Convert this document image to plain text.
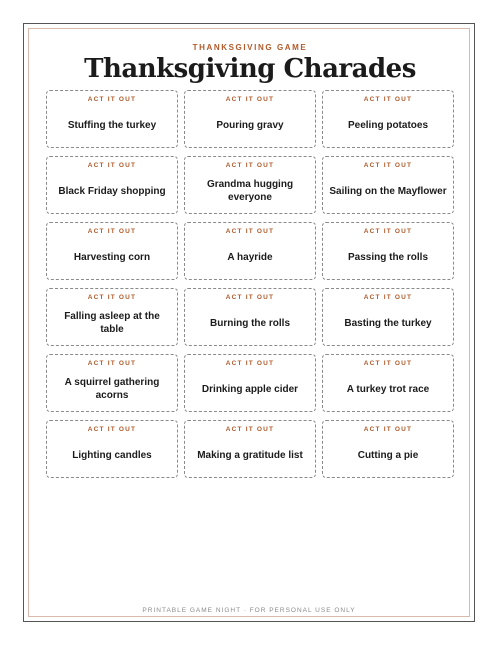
PRINTABLE GAME NIGHT · FOR PERSONAL USE ONLY
THANKSGIVING GAME
Thanksgiving Charades
ACT IT OUT
Stuffing the turkey
ACT IT OUT
Pouring gravy
ACT IT OUT
Peeling potatoes
ACT IT OUT
Black Friday shopping
ACT IT OUT
Grandma hugging everyone
ACT IT OUT
Sailing on the Mayflower
ACT IT OUT
Harvesting corn
ACT IT OUT
A hayride
ACT IT OUT
Passing the rolls
ACT IT OUT
Falling asleep at the table
ACT IT OUT
Burning the rolls
ACT IT OUT
Basting the turkey
ACT IT OUT
A squirrel gathering acorns
ACT IT OUT
Drinking apple cider
ACT IT OUT
A turkey trot race
ACT IT OUT
Lighting candles
ACT IT OUT
Making a gratitude list
ACT IT OUT
Cutting a pie
